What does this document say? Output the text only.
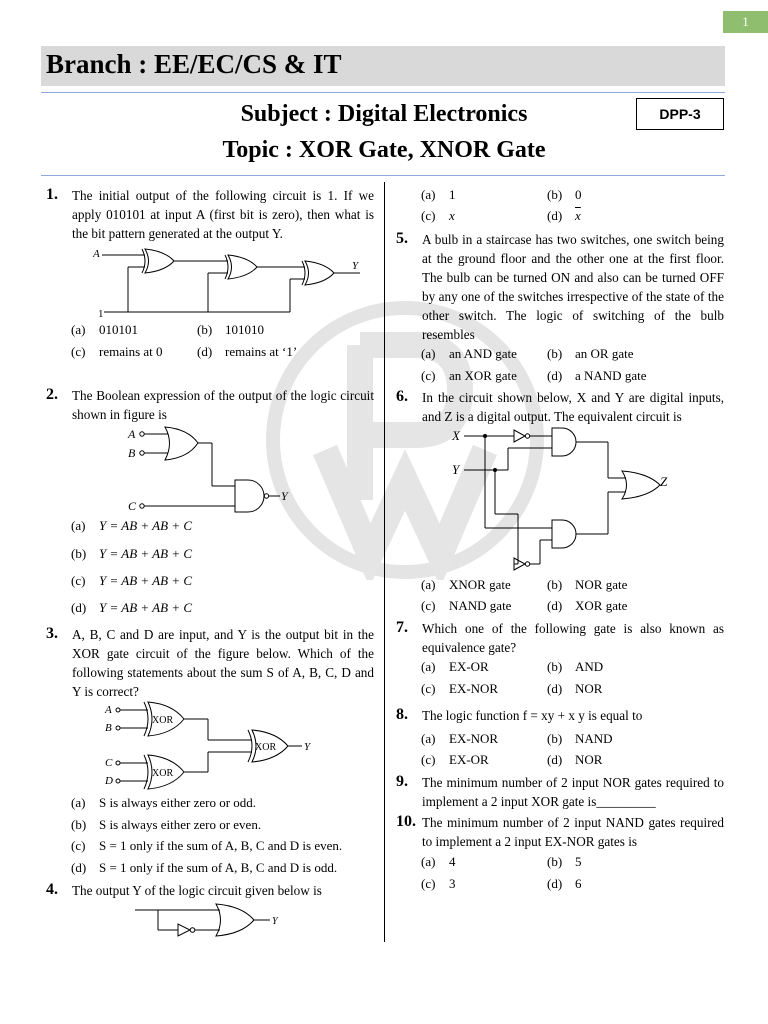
1
Branch : EE/EC/CS & IT
Subject : Digital Electronics
Topic : XOR Gate, XNOR Gate
DPP-3
1. The initial output of the following circuit is 1. If we apply 010101 at input A (first bit is zero), then what is the bit pattern generated at the output Y.
A
1
Y
(a) 010101	(b) 101010
(c) remains at 0	(d) remains at ‘1’
2. The Boolean expression of the output of the logic circuit shown in figure is
A
B
C
Y
(a) Y = AB + AB + C
(b) Y = AB + AB + C
(c) Y = AB + AB + C
(d) Y = AB + AB + C
3. A, B, C and D are input, and Y is the output bit in the XOR gate circuit of the figure below. Which of the following statements about the sum S of A, B, C, D and Y is correct?
A
B
C
D
XOR
XOR
XOR	Y
(a) S is always either zero or odd.
(b) S is always either zero or even.
(c) S = 1 only if the sum of A, B, C and D is even.
(d) S = 1 only if the sum of A, B, C and D is odd.
4. The output Y of the logic circuit given below is
Y
(a) 1	(b) 0
(c) x	(d) $\overline{x}$
5. A bulb in a staircase has two switches, one switch being at the ground floor and the other one at the first floor. The bulb can be turned ON and also can be turned OFF by any one of the switches irrespective of the state of the other switch. The logic of switching of the bulb resembles
(a) an AND gate (b) an OR gate
(c) an XOR gate (d) a NAND gate
6. In the circuit shown below, X and Y are digital inputs, and Z is a digital output. The equivalent circuit is
X
Y
Z
(a) XNOR gate	(b) NOR gate
(c) NAND gate	(d) XOR gate
7. Which one of the following gate is also known as equivalence gate?
(a) EX-OR	(b) AND
(c) EX-NOR	(d) NOR
8. The logic function f = xy + x y is equal to
(a) EX-NOR	(b) NAND
(c) EX-OR	(d) NOR
9. The minimum number of 2 input NOR gates required to implement a 2 input XOR gate is_________
10. The minimum number of 2 input NAND gates required to implement a 2 input EX-NOR gates is
(a) 4	(b) 5
(c) 3	(d) 6
